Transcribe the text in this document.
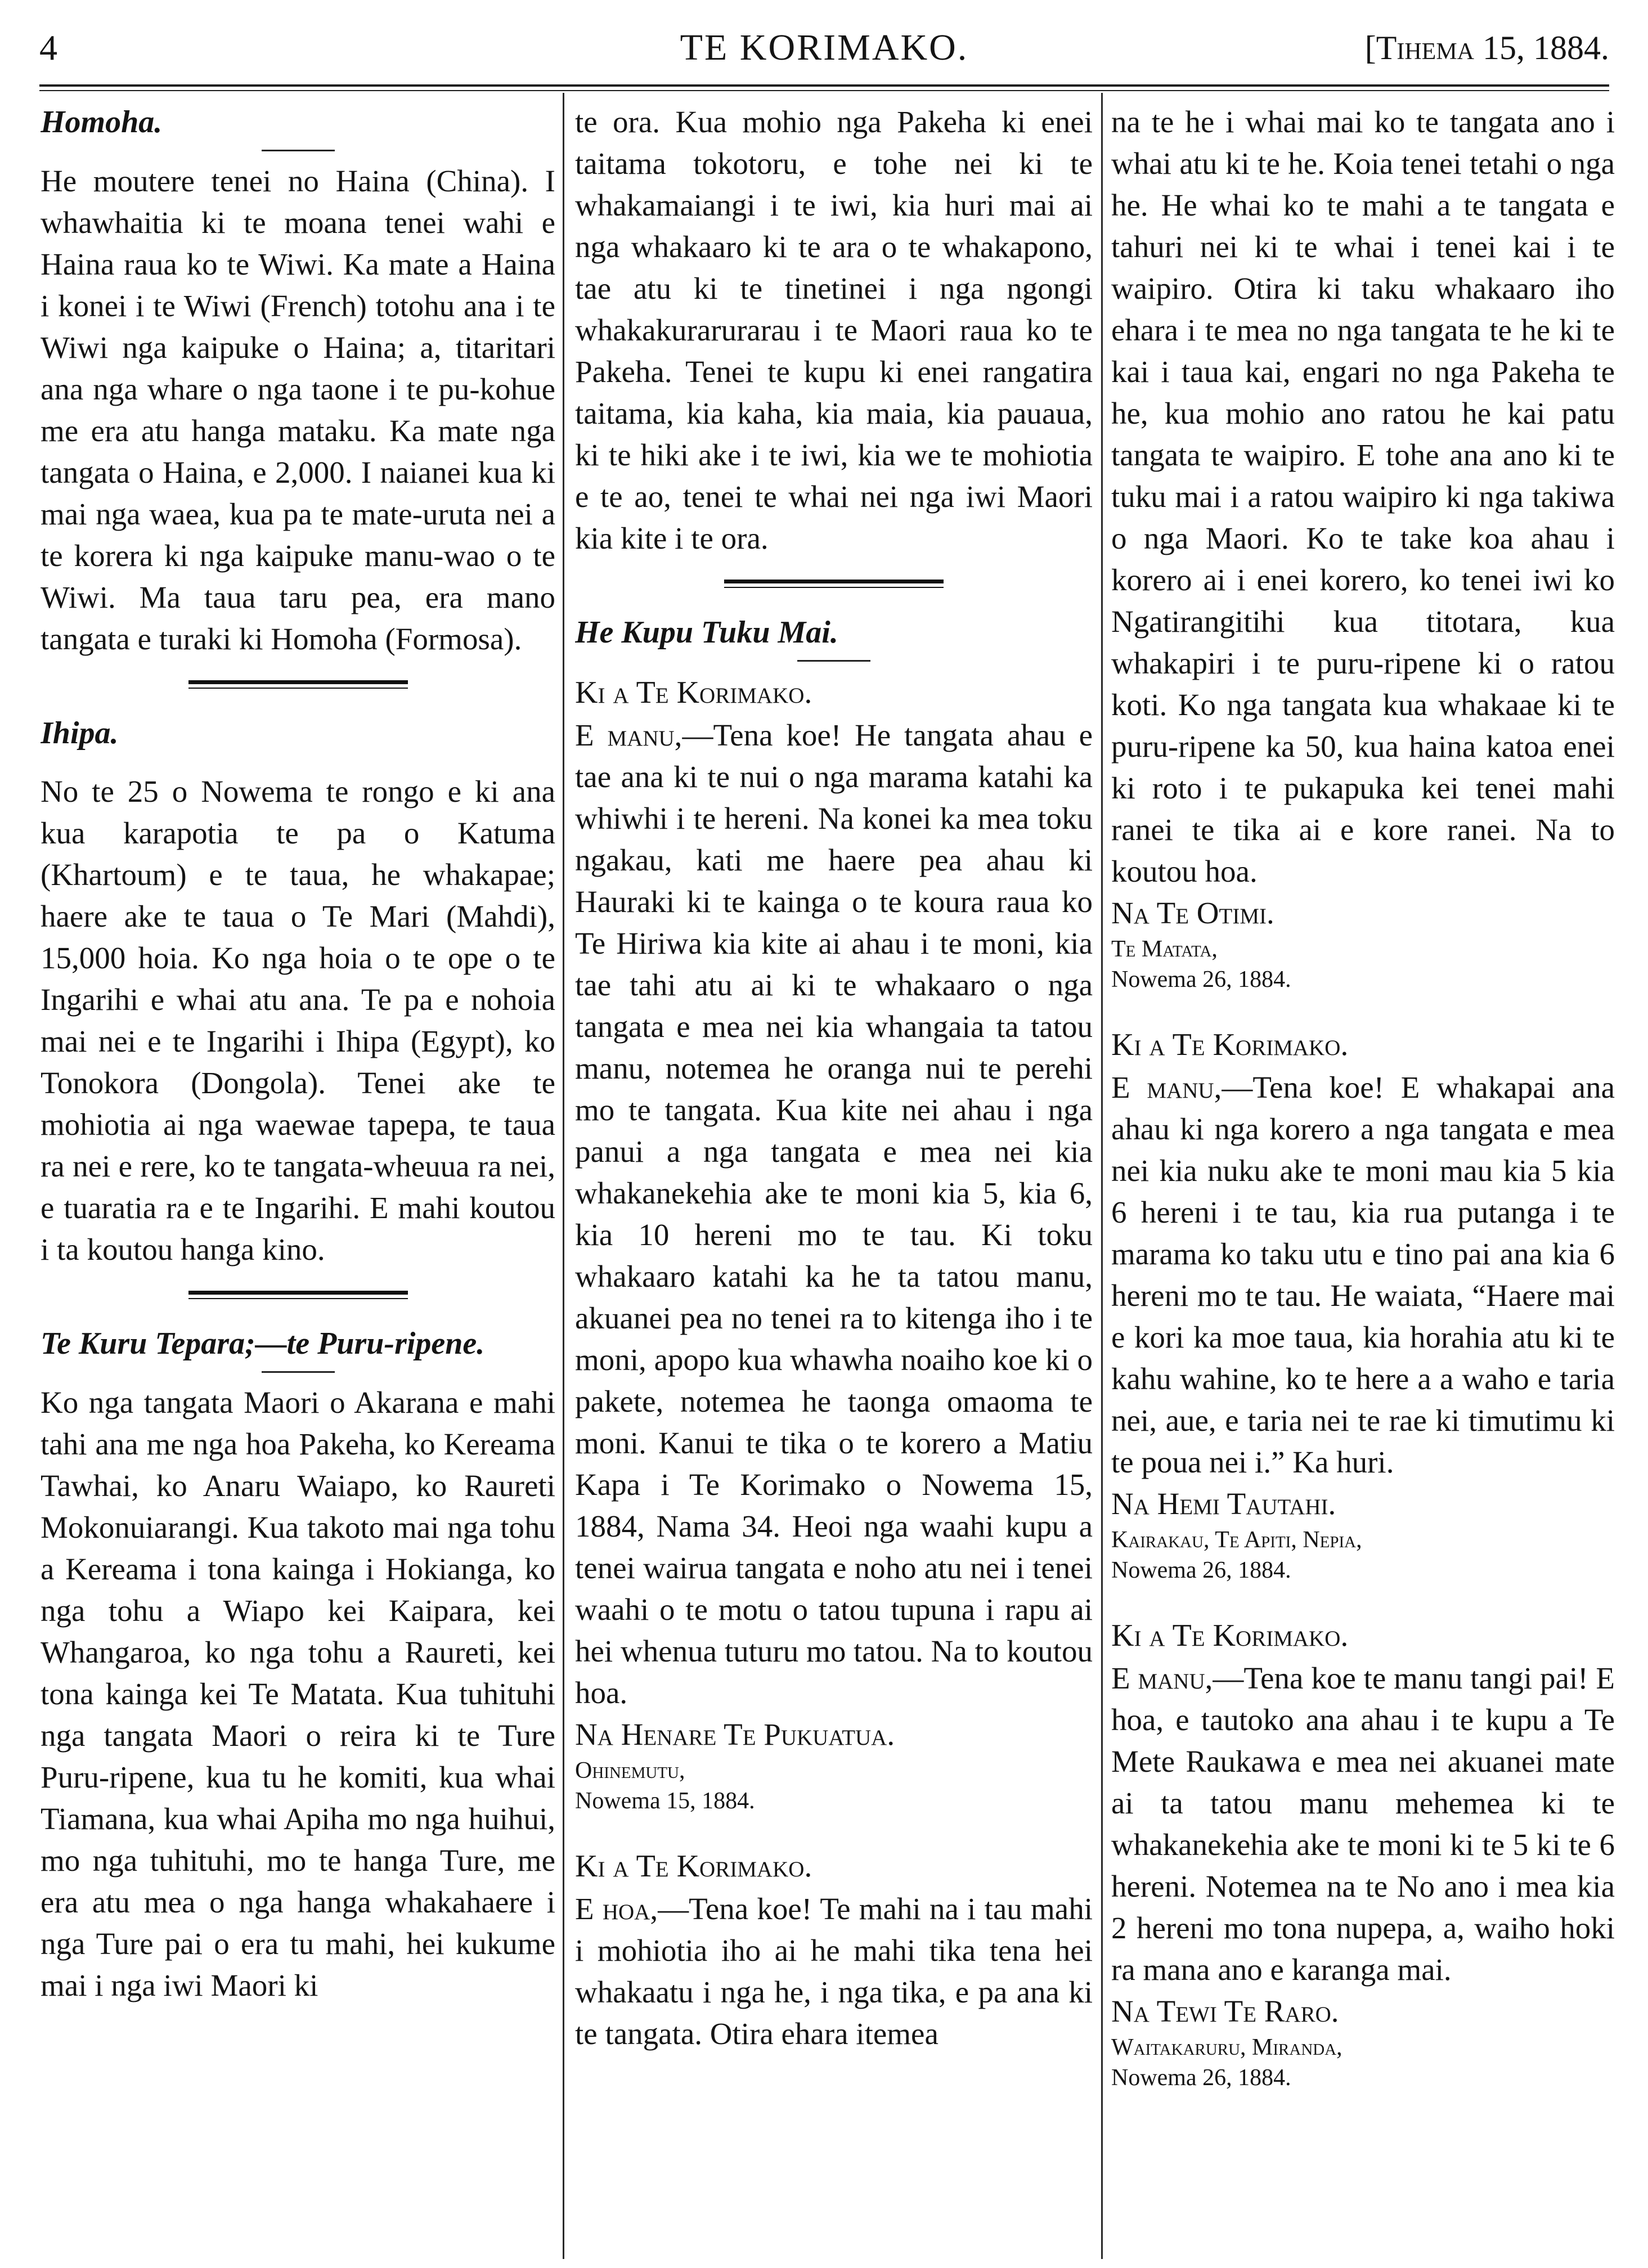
4	TE KORIMAKO.	[Tihema 15, 1884.

Homoha.

He moutere tenei no Haina (China). I whawhaitia ki te moana tenei wahi e Haina raua ko te Wiwi. Ka mate a Haina i konei i te Wiwi (French) totohu ana i te Wiwi nga kaipuke o Haina; a, titaritari ana nga whare o nga taone i te pu-kohue me era atu hanga mataku. Ka mate nga tangata o Haina, e 2,000. I naianei kua ki mai nga waea, kua pa te mate-uruta nei a te korera ki nga kaipuke manu-wao o te Wiwi. Ma taua taru pea, era mano tangata e turaki ki Homoha (Formosa).

Ihipa.

No te 25 o Nowema te rongo e ki ana kua karapotia te pa o Katuma (Khartoum) e te taua, he whakapae; haere ake te taua o Te Mari (Mahdi), 15,000 hoia. Ko nga hoia o te ope o te Ingarihi e whai atu ana. Te pa e nohoia mai nei e te Ingarihi i Ihipa (Egypt), ko Tonokora (Dongola). Tenei ake te mohiotia ai nga waewae tapepa, te taua ra nei e rere, ko te tangata-wheuua ra nei, e tuaratia ra e te Ingarihi. E mahi koutou i ta koutou hanga kino.

Te Kuru Tepara;—te Puru-ripene.

Ko nga tangata Maori o Akarana e mahi tahi ana me nga hoa Pakeha, ko Kereama Tawhai, ko Anaru Waiapo, ko Raureti Mokonuiarangi. Kua takoto mai nga tohu a Kereama i tona kainga i Hokianga, ko nga tohu a Wiapo kei Kaipara, kei Whangaroa, ko nga tohu a Raureti, kei tona kainga kei Te Matata. Kua tuhituhi nga tangata Maori o reira ki te Ture Puru-ripene, kua tu he komiti, kua whai Tiamana, kua whai Apiha mo nga huihui, mo nga tuhituhi, mo te hanga Ture, me era atu mea o nga hanga whakahaere i nga Ture pai o era tu mahi, hei kukume mai i nga iwi Maori ki

te ora. Kua mohio nga Pakeha ki enei taitama tokotoru, e tohe nei ki te whakamaiangi i te iwi, kia huri mai ai nga whakaaro ki te ara o te whakapono, tae atu ki te tinetinei i nga ngongi whakakurarurarau i te Maori raua ko te Pakeha. Tenei te kupu ki enei rangatira taitama, kia kaha, kia maia, kia pauaua, ki te hiki ake i te iwi, kia we te mohiotia e te ao, tenei te whai nei nga iwi Maori kia kite i te ora.

He Kupu Tuku Mai.

Ki a Te Korimako.

E manu,—Tena koe! He tangata ahau e tae ana ki te nui o nga marama katahi ka whiwhi i te hereni. Na konei ka mea toku ngakau, kati me haere pea ahau ki Hauraki ki te kainga o te koura raua ko Te Hiriwa kia kite ai ahau i te moni, kia tae tahi atu ai ki te whakaaro o nga tangata e mea nei kia whangaia ta tatou manu, notemea he oranga nui te perehi mo te tangata. Kua kite nei ahau i nga panui a nga tangata e mea nei kia whakanekehia ake te moni kia 5, kia 6, kia 10 hereni mo te tau. Ki toku whakaaro katahi ka he ta tatou manu, akuanei pea no tenei ra to kitenga iho i te moni, apopo kua whawha noaiho koe ki o pakete, notemea he taonga omaoma te moni. Kanui te tika o te korero a Matiu Kapa i Te Korimako o Nowema 15, 1884, Nama 34. Heoi nga waahi kupu a tenei wairua tangata e noho atu nei i tenei waahi o te motu o tatou tupuna i rapu ai hei whenua tuturu mo tatou. Na to koutou hoa.

Na Henare Te Pukuatua.

Ohinemutu,

Nowema 15, 1884.

Ki a Te Korimako.

E hoa,—Tena koe! Te mahi na i tau mahi i mohiotia iho ai he mahi tika tena hei whakaatu i nga he, i nga tika, e pa ana ki te tangata. Otira ehara itemea

na te he i whai mai ko te tangata ano i whai atu ki te he. Koia tenei tetahi o nga he. He whai ko te mahi a te tangata e tahuri nei ki te whai i tenei kai i te waipiro. Otira ki taku whakaaro iho ehara i te mea no nga tangata te he ki te kai i taua kai, engari no nga Pakeha te he, kua mohio ano ratou he kai patu tangata te waipiro. E tohe ana ano ki te tuku mai i a ratou waipiro ki nga takiwa o nga Maori. Ko te take koa ahau i korero ai i enei korero, ko tenei iwi ko Ngatirangitihi kua titotara, kua whakapiri i te puru-ripene ki o ratou koti. Ko nga tangata kua whakaae ki te puru-ripene ka 50, kua haina katoa enei ki roto i te pukapuka kei tenei mahi ranei te tika ai e kore ranei. Na to koutou hoa.

Na Te Otimi.

Te Matata,

Nowema 26, 1884.

Ki a Te Korimako.

E manu,—Tena koe! E whakapai ana ahau ki nga korero a nga tangata e mea nei kia nuku ake te moni mau kia 5 kia 6 hereni i te tau, kia rua putanga i te marama ko taku utu e tino pai ana kia 6 hereni mo te tau. He waiata, “Haere mai e kori ka moe taua, kia horahia atu ki te kahu wahine, ko te here a a waho e taria nei, aue, e taria nei te rae ki timutimu ki te poua nei i.” Ka huri.

Na Hemi Tautahi.

Kairakau, Te Apiti, Nepia,

Nowema 26, 1884.

Ki a Te Korimako.

E manu,—Tena koe te manu tangi pai! E hoa, e tautoko ana ahau i te kupu a Te Mete Raukawa e mea nei akuanei mate ai ta tatou manu mehemea ki te whakanekehia ake te moni ki te 5 ki te 6 hereni. Notemea na te No ano i mea kia 2 hereni mo tona nupepa, a, waiho hoki ra mana ano e karanga mai.

Na Tewi Te Raro.

Waitakaruru, Miranda,

Nowema 26, 1884.
